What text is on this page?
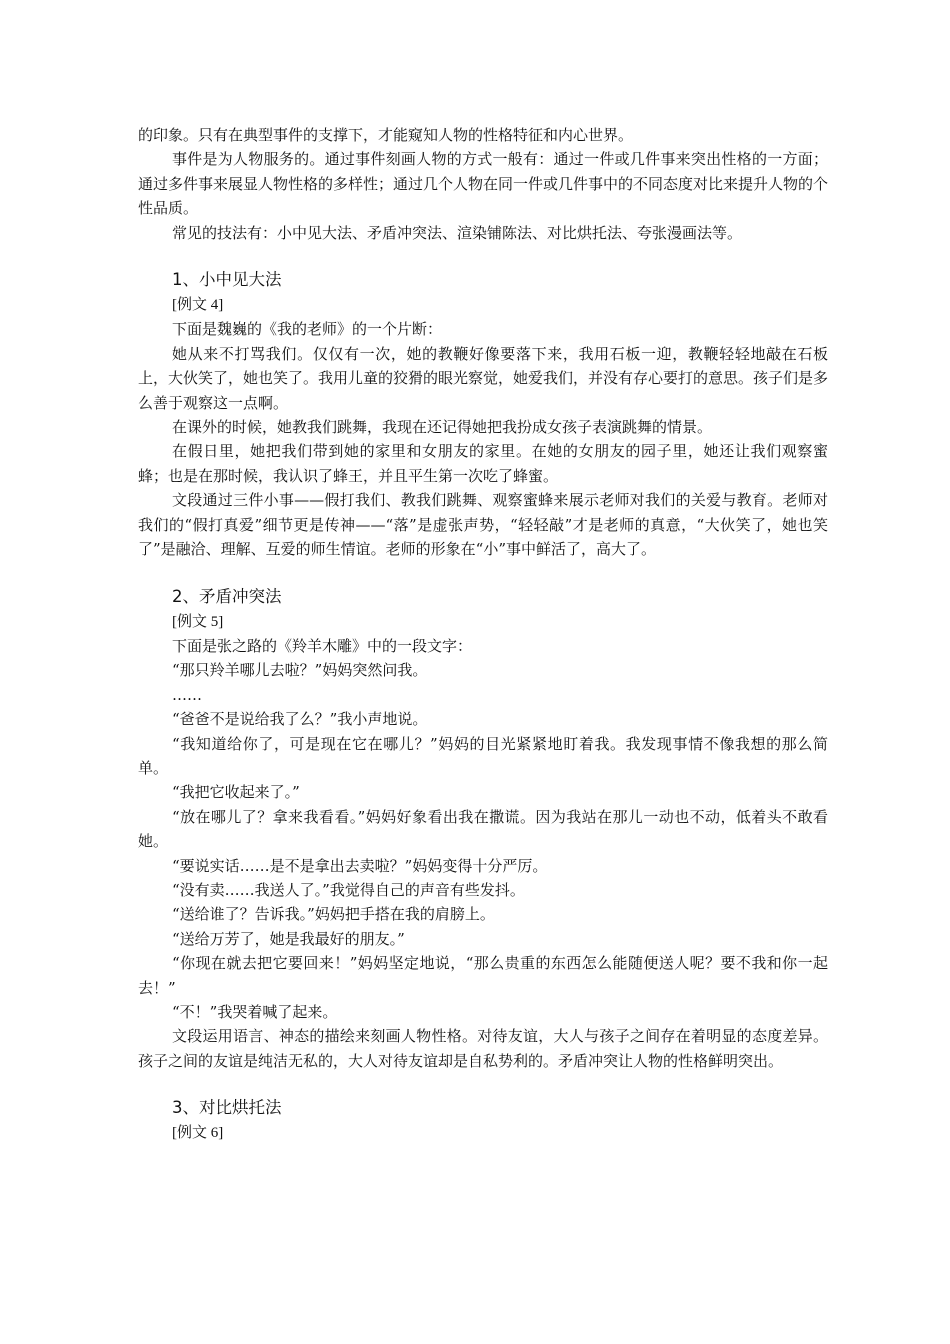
的印象。只有在典型事件的支撑下，才能窥知人物的性格特征和内心世界。

事件是为人物服务的。通过事件刻画人物的方式一般有：通过一件或几件事来突出性格的一方面；通过多件事来展显人物性格的多样性；通过几个人物在同一件或几件事中的不同态度对比来提升人物的个性品质。

常见的技法有：小中见大法、矛盾冲突法、渲染铺陈法、对比烘托法、夸张漫画法等。

1、小中见大法

[例文 4]

下面是魏巍的《我的老师》的一个片断：

她从来不打骂我们。仅仅有一次，她的教鞭好像要落下来，我用石板一迎，教鞭轻轻地敲在石板上，大伙笑了，她也笑了。我用儿童的狡猾的眼光察觉，她爱我们，并没有存心要打的意思。孩子们是多么善于观察这一点啊。

在课外的时候，她教我们跳舞，我现在还记得她把我扮成女孩子表演跳舞的情景。

在假日里，她把我们带到她的家里和女朋友的家里。在她的女朋友的园子里，她还让我们观察蜜蜂；也是在那时候，我认识了蜂王，并且平生第一次吃了蜂蜜。

文段通过三件小事——假打我们、教我们跳舞、观察蜜蜂来展示老师对我们的关爱与教育。老师对我们的“假打真爱”细节更是传神——“落”是虚张声势，“轻轻敲”才是老师的真意，“大伙笑了，她也笑了”是融洽、理解、互爱的师生情谊。老师的形象在“小”事中鲜活了，高大了。

2、矛盾冲突法

[例文 5]

下面是张之路的《羚羊木雕》中的一段文字：

“那只羚羊哪儿去啦？”妈妈突然问我。

……

“爸爸不是说给我了么？”我小声地说。

“我知道给你了，可是现在它在哪儿？”妈妈的目光紧紧地盯着我。我发现事情不像我想的那么简单。

“我把它收起来了。”

“放在哪儿了？拿来我看看。”妈妈好象看出我在撒谎。因为我站在那儿一动也不动，低着头不敢看她。

“要说实话……是不是拿出去卖啦？”妈妈变得十分严厉。

“没有卖……我送人了。”我觉得自己的声音有些发抖。

“送给谁了？告诉我。”妈妈把手搭在我的肩膀上。

“送给万芳了，她是我最好的朋友。”

“你现在就去把它要回来！”妈妈坚定地说，“那么贵重的东西怎么能随便送人呢？要不我和你一起去！”

“不！”我哭着喊了起来。

文段运用语言、神态的描绘来刻画人物性格。对待友谊，大人与孩子之间存在着明显的态度差异。孩子之间的友谊是纯洁无私的，大人对待友谊却是自私势利的。矛盾冲突让人物的性格鲜明突出。

3、对比烘托法

[例文 6]
